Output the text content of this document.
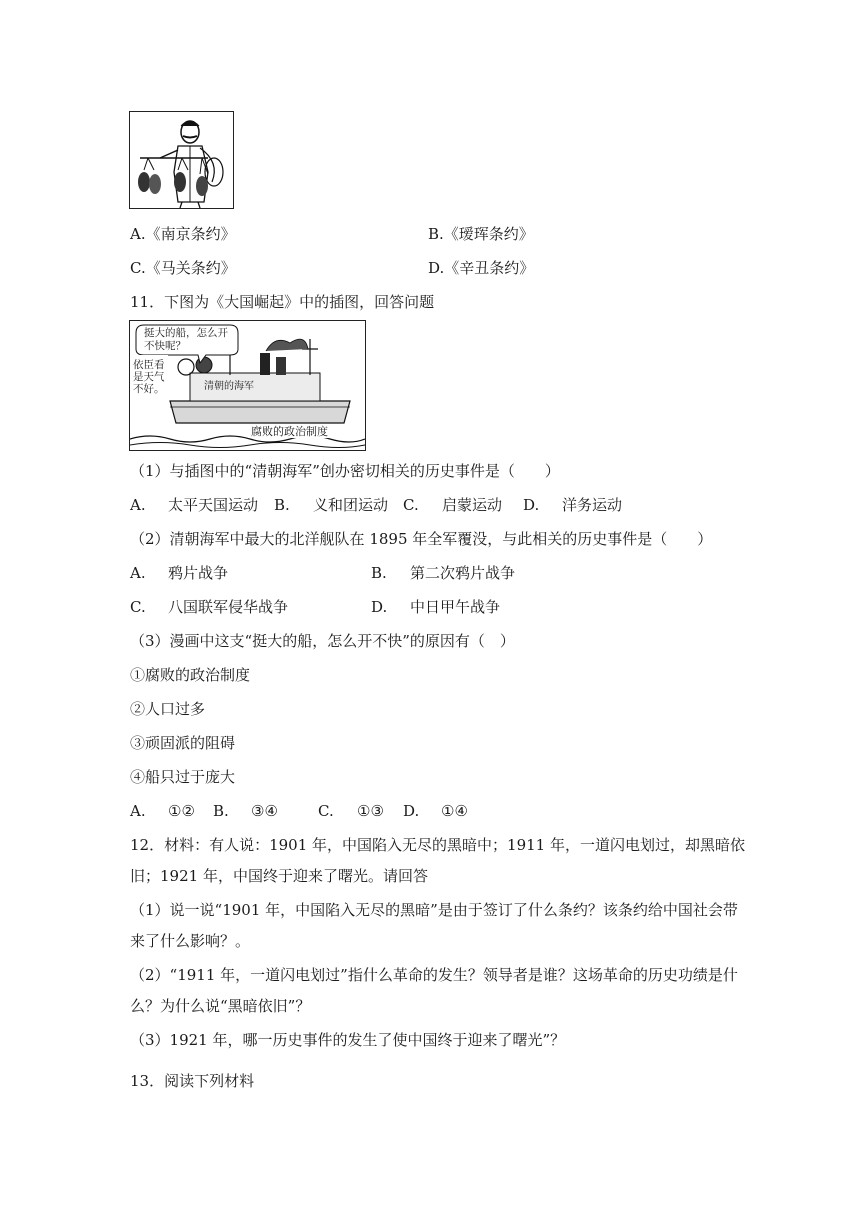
A.《南京条约》	B.《瑷珲条约》
C.《马关条约》	D.《辛丑条约》
11．下图为《大国崛起》中的插图，回答问题
挺大的船，怎么开不快呢？
依臣看是天气不好。	清朝的海军
腐败的政治制度
（1）与插图中的“清朝海军”创办密切相关的历史事件是（　　）
A. 太平天国运动 B. 义和团运动 C. 启蒙运动 D. 洋务运动
（2）清朝海军中最大的北洋舰队在 1895 年全军覆没，与此相关的历史事件是（　　）
A. 鸦片战争	B. 第二次鸦片战争
C. 八国联军侵华战争	D. 中日甲午战争
（3）漫画中这支“挺大的船，怎么开不快”的原因有（　）
①腐败的政治制度
②人口过多
③顽固派的阻碍
④船只过于庞大
A. ①② B. ③④	C. ①③ D. ①④
12．材料：有人说：1901 年，中国陷入无尽的黑暗中；1911 年，一道闪电划过，却黑暗依
旧；1921 年，中国终于迎来了曙光。请回答
（1）说一说“1901 年，中国陷入无尽的黑暗”是由于签订了什么条约？该条约给中国社会带
来了什么影响？。
（2）“1911 年，一道闪电划过”指什么革命的发生？领导者是谁？这场革命的历史功绩是什
么？为什么说“黑暗依旧”？
（3）1921 年，哪一历史事件的发生了使中国终于迎来了曙光”？
13．阅读下列材料
